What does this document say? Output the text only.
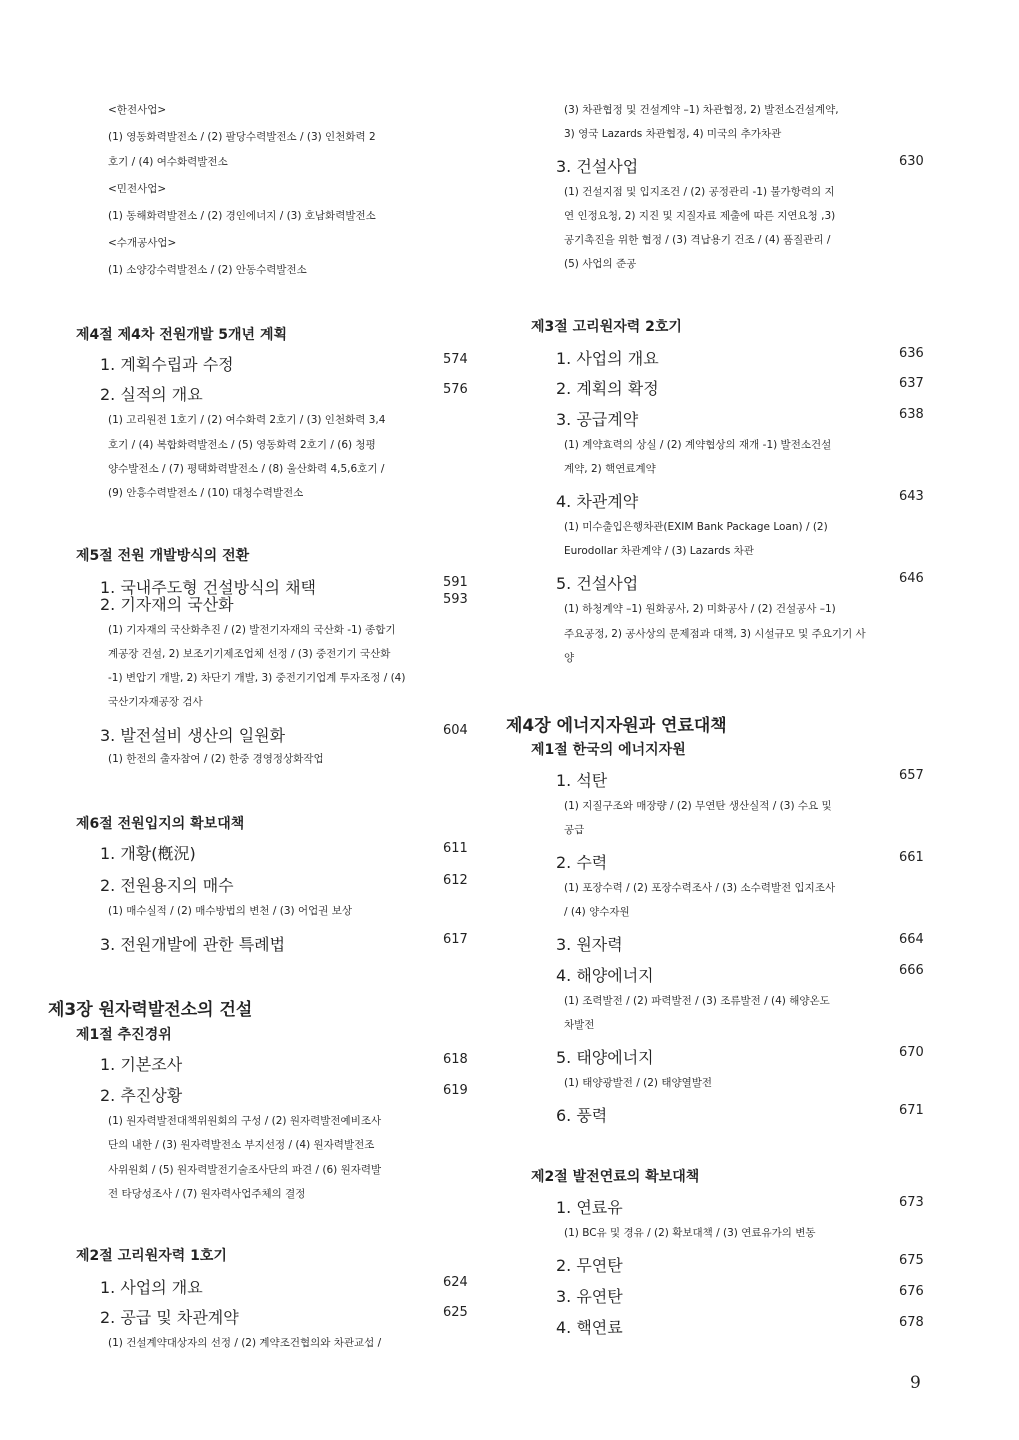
<한전사업>
(1) 영동화력발전소 / (2) 팔당수력발전소 / (3) 인천화력 2
호기 / (4) 여수화력발전소
<민전사업>
(1) 동해화력발전소 / (2) 경인에너지 / (3) 호남화력발전소
<수개공사업>
(1) 소양강수력발전소 / (2) 안동수력발전소
제4절 제4차 전원개발 5개년 계획
1. 계획수립과 수정	574
2. 실적의 개요	576
(1) 고리원전 1호기 / (2) 여수화력 2호기 / (3) 인천화력 3,4
호기 / (4) 복합화력발전소 / (5) 영동화력 2호기 / (6) 청평
양수발전소 / (7) 평택화력발전소 / (8) 울산화력 4,5,6호기 /
(9) 안흥수력발전소 / (10) 대청수력발전소
제5절 전원 개발방식의 전환
1. 국내주도형 건설방식의 채택	591
2. 기자재의 국산화	593
(1) 기자재의 국산화추진 / (2) 발전기자재의 국산화 -1) 종합기
계공장 건설, 2) 보조기기제조업체 선정 / (3) 중전기기 국산화
-1) 변압기 개발, 2) 차단기 개발, 3) 중전기기업계 투자조정 / (4)
국산기자재공장 검사
3. 발전설비 생산의 일원화	604
(1) 한전의 출자참여 / (2) 한중 경영정상화작업
제6절 전원입지의 확보대책
1. 개황(槪況)	611
2. 전원용지의 매수	612
(1) 매수실적 / (2) 매수방법의 변천 / (3) 어업권 보상
3. 전원개발에 관한 특례법	617
제3장 원자력발전소의 건설
제1절 추진경위
1. 기본조사	618
2. 추진상황	619
(1) 원자력발전대책위원회의 구성 / (2) 원자력발전예비조사
단의 내한 / (3) 원자력발전소 부지선정 / (4) 원자력발전조
사위원회 / (5) 원자력발전기술조사단의 파견 / (6) 원자력발
전 타당성조사 / (7) 원자력사업주체의 결정
제2절 고리원자력 1호기
1. 사업의 개요	624
2. 공급 및 차관계약	625
(1) 건설계약대상자의 선정 / (2) 계약조건협의와 차관교섭 /
(3) 차관협정 및 건설계약 –1) 차관협정, 2) 발전소건설계약,
3) 영국 Lazards 차관협정, 4) 미국의 추가차관
3. 건설사업	630
(1) 건설지점 및 입지조건 / (2) 공정관리 -1) 불가항력의 지
연 인정요청, 2) 지진 및 지질자료 제출에 따른 지연요청 ,3)
공기촉진을 위한 협정 / (3) 격납용기 건조 / (4) 품질관리 /
(5) 사업의 준공
제3절 고리원자력 2호기
1. 사업의 개요	636
2. 계획의 확정	637
3. 공급계약	638
(1) 계약효력의 상실 / (2) 계약협상의 재개 -1) 발전소건설
계약, 2) 핵연료계약
4. 차관계약	643
(1) 미수출입은행차관(EXIM Bank Package Loan) / (2)
Eurodollar 차관계약 / (3) Lazards 차관
5. 건설사업	646
(1) 하청계약 –1) 원화공사, 2) 미화공사 / (2) 건설공사 –1)
주요공정, 2) 공사상의 문제점과 대책, 3) 시설규모 및 주요기기 사
양
제4장 에너지자원과 연료대책
제1절 한국의 에너지자원
1. 석탄	657
(1) 지질구조와 매장량 / (2) 무연탄 생산실적 / (3) 수요 및
공급
2. 수력	661
(1) 포장수력 / (2) 포장수력조사 / (3) 소수력발전 입지조사
/ (4) 양수자원
3. 원자력	664
4. 해양에너지	666
(1) 조력발전 / (2) 파력발전 / (3) 조류발전 / (4) 해양온도
차발전
5. 태양에너지	670
(1) 태양광발전 / (2) 태양열발전
6. 풍력	671
제2절 발전연료의 확보대책
1. 연료유	673
(1) BC유 및 경유 / (2) 확보대책 / (3) 연료유가의 변동
2. 무연탄	675
3. 유연탄	676
4. 핵연료	678
9
